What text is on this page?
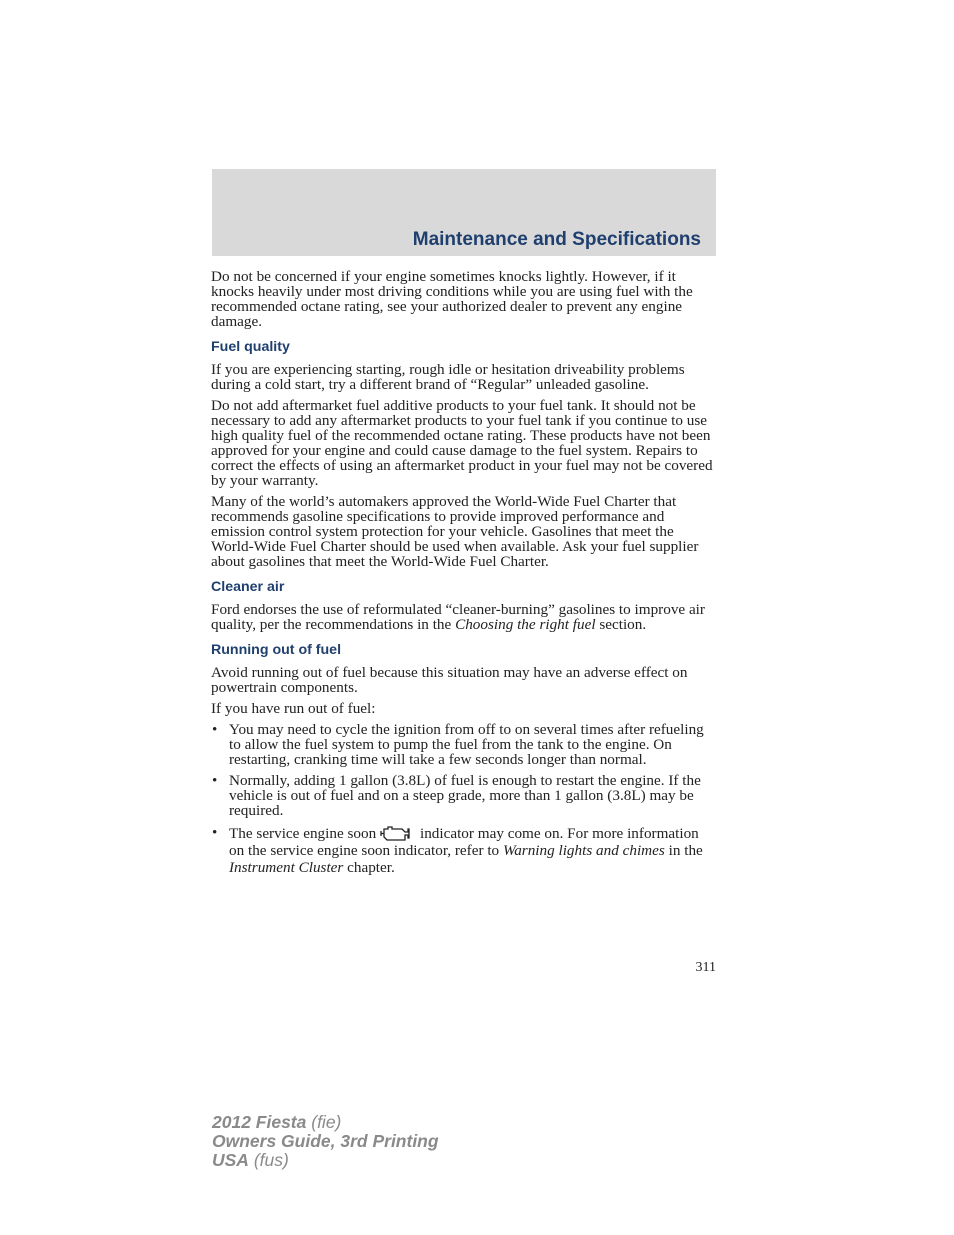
Maintenance and Specifications

Do not be concerned if your engine sometimes knocks lightly. However, if it knocks heavily under most driving conditions while you are using fuel with the recommended octane rating, see your authorized dealer to prevent any engine damage.

Fuel quality

If you are experiencing starting, rough idle or hesitation driveability problems during a cold start, try a different brand of “Regular” unleaded gasoline.

Do not add aftermarket fuel additive products to your fuel tank. It should not be necessary to add any aftermarket products to your fuel tank if you continue to use high quality fuel of the recommended octane rating. These products have not been approved for your engine and could cause damage to the fuel system. Repairs to correct the effects of using an aftermarket product in your fuel may not be covered by your warranty.

Many of the world’s automakers approved the World-Wide Fuel Charter that recommends gasoline specifications to provide improved performance and emission control system protection for your vehicle. Gasolines that meet the World-Wide Fuel Charter should be used when available. Ask your fuel supplier about gasolines that meet the World-Wide Fuel Charter.

Cleaner air

Ford endorses the use of reformulated “cleaner-burning” gasolines to improve air quality, per the recommendations in the Choosing the right fuel section.

Running out of fuel

Avoid running out of fuel because this situation may have an adverse effect on powertrain components.

If you have run out of fuel:

• You may need to cycle the ignition from off to on several times after refueling to allow the fuel system to pump the fuel from the tank to the engine. On restarting, cranking time will take a few seconds longer than normal.
• Normally, adding 1 gallon (3.8L) of fuel is enough to restart the engine. If the vehicle is out of fuel and on a steep grade, more than 1 gallon (3.8L) may be required.
• The service engine soon	indicator may come on. For more information on the service engine soon indicator, refer to Warning lights and chimes in the Instrument Cluster chapter.
311
2012 Fiesta (fie)
Owners Guide, 3rd Printing
USA (fus)
